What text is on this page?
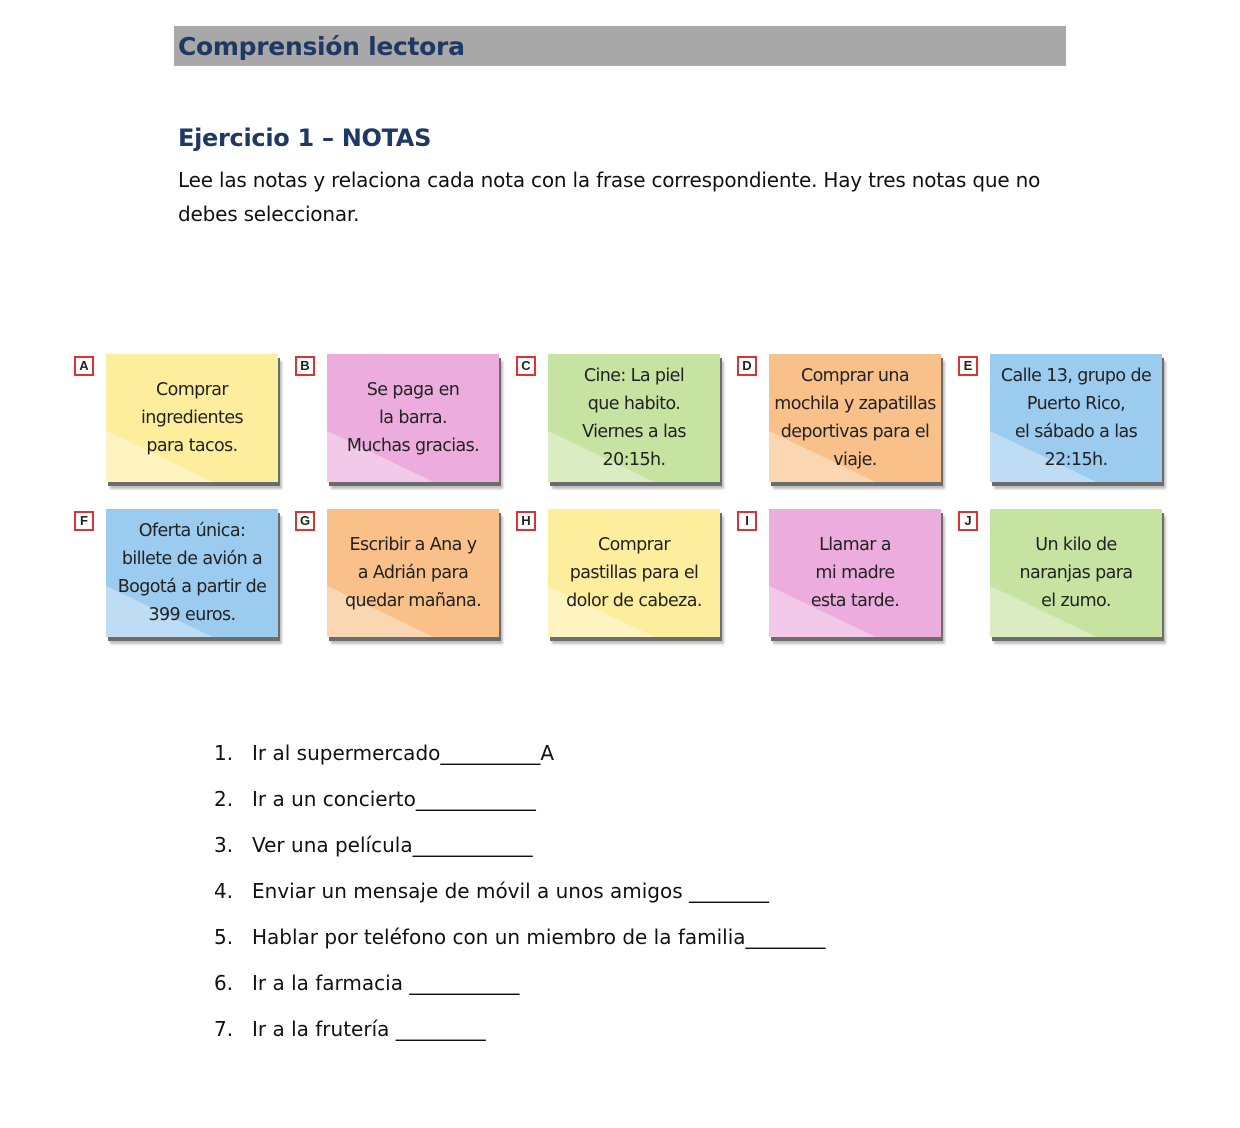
Comprensión lectora
Ejercicio 1 – NOTAS
Lee las notas y relaciona cada nota con la frase correspondiente. Hay tres notas que no debes seleccionar.
A
Comprar
ingredientes
para tacos.
B
Se paga en
la barra.
Muchas gracias.
C
Cine: La piel
que habito.
Viernes a las
20:15h.
D
Comprar una
mochila y zapatillas
deportivas para el
viaje.
E
Calle 13, grupo de
Puerto Rico,
el sábado a las
22:15h.
F
Oferta única:
billete de avión a
Bogotá a partir de
399 euros.
G
Escribir a Ana y
a Adrián para
quedar mañana.
H
Comprar
pastillas para el
dolor de cabeza.
I
Llamar a
mi madre
esta tarde.
J
Un kilo de
naranjas para
el zumo.
1. Ir al supermercado__________A
2. Ir a un concierto____________
3. Ver una película____________
4. Enviar un mensaje de móvil a unos amigos ________
5. Hablar por teléfono con un miembro de la familia________
6. Ir a la farmacia ___________
7. Ir a la frutería _________
